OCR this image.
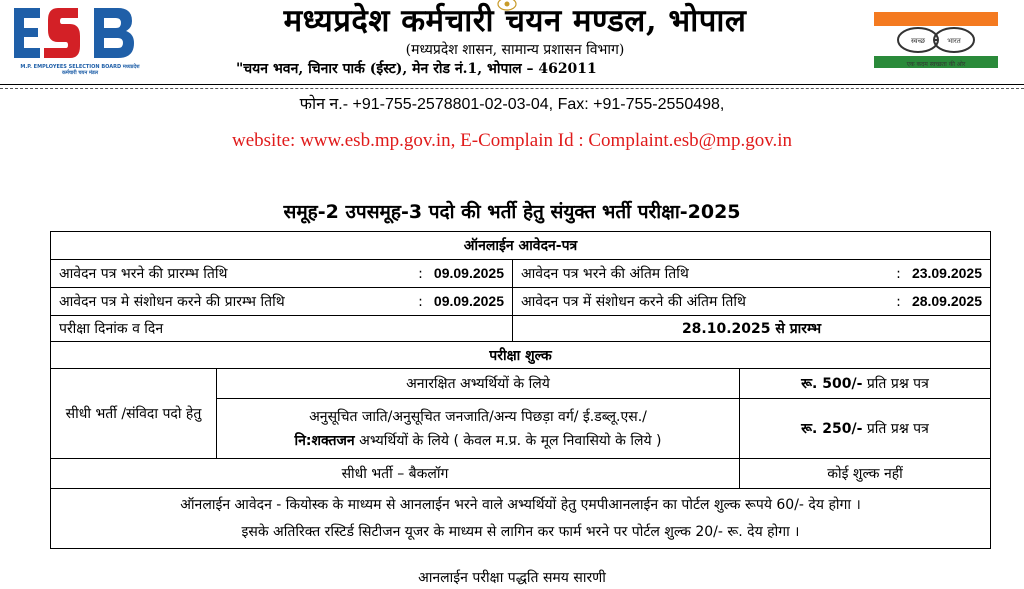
M.P. EMPLOYEES SELECTION BOARD मध्यप्रदेश कर्मचारी चयन मंडल
मध्यप्रदेश कर्मचारी चयन मण्डल, भोपाल
(मध्यप्रदेश शासन, सामान्य प्रशासन विभाग)
"चयन भवन, चिनार पार्क (ईस्ट), मेन रोड नं.1, भोपाल – 462011
स्वच्छ	भारत
एक कदम स्वच्छता की ओर
फोन न.- +91-755-2578801-02-03-04, Fax: +91-755-2550498,
website: www.esb.mp.gov.in, E-Complain Id : Complaint.esb@mp.gov.in
समूह-2 उपसमूह-3 पदो की भर्ती हेतु संयुक्त भर्ती परीक्षा-2025
ऑनलाईन आवेदन-पत्र			

आवेदन पत्र भरने की प्रारम्भ तिथि : 09.09.2025		आवेदन पत्र भरने की अंतिम तिथि : 23.09.2025	

आवेदन पत्र मे संशोधन करने की प्रारम्भ तिथि : 09.09.2025		आवेदन पत्र में संशोधन करने की अंतिम तिथि : 28.09.2025	

परीक्षा दिनांक व दिन		28.10.2025 से प्रारम्भ	
परीक्षा शुल्क			
सीधी भर्ती /संविदा पदो हेतु	अनारक्षित अभ्यर्थियों के लिये		रू. 500/- प्रति प्रश्न पत्र

	अनुसूचित जाति/अनुसूचित जनजाति/अन्य पिछड़ा वर्ग/ ई.डब्लू.एस./
नि:शक्तजन अभ्यर्थियों के लिये ( केवल म.प्र. के मूल निवासियो के लिये )		रू. 250/- प्रति प्रश्न पत्र
सीधी भर्ती – बैकलॉग			कोई शुल्क नहीं

ऑनलाईन आवेदन - कियोस्क के माध्यम से आनलाईन भरने वाले अभ्यर्थियों हेतु एमपीआनलाईन का पोर्टल शुल्क रूपये 60/- देय होगा ।
इसके अतिरिक्त रस्टिर्ड सिटीजन यूजर के माध्यम से लागिन कर फार्म भरने पर पोर्टल शुल्क 20/- रू. देय होगा ।			
आनलाईन परीक्षा पद्धति समय सारणी
